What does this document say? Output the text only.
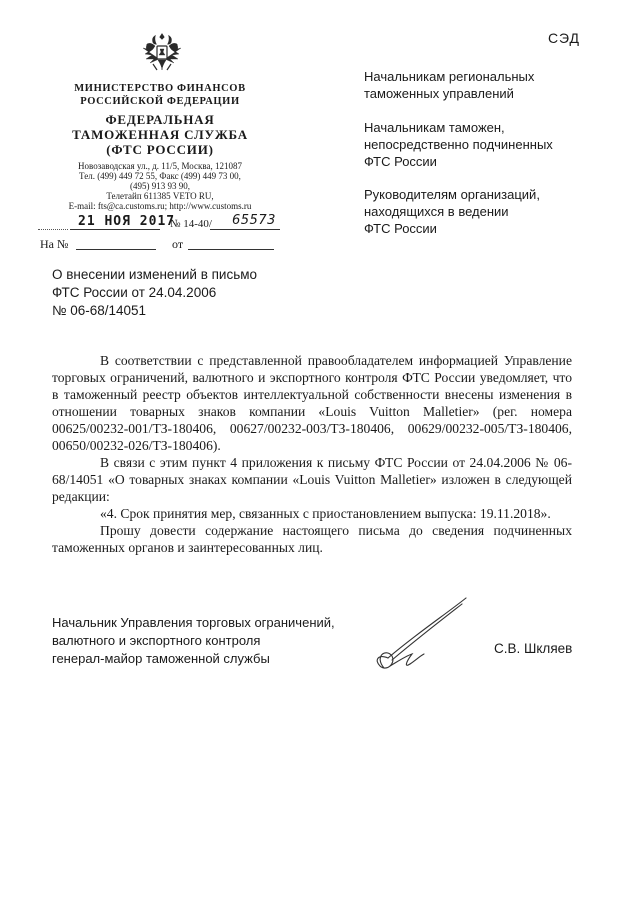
СЭД
МИНИСТЕРСТВО ФИНАНСОВ
РОССИЙСКОЙ ФЕДЕРАЦИИ
ФЕДЕРАЛЬНАЯ
ТАМОЖЕННАЯ СЛУЖБА
(ФТС РОССИИ)
Новозаводская ул., д. 11/5, Москва, 121087
Тел. (499) 449 72 55, Факс (499) 449 73 00,
(495) 913 93 90,
Телетайп 611385 VETO RU,
E-mail: fts@ca.customs.ru; http://www.customs.ru
21 НОЯ 2017
№ 14-40/ 65573
На №	от
Начальникам региональных
таможенных управлений
Начальникам таможен,
непосредственно подчиненных
ФТС России
Руководителям организаций,
находящихся в ведении
ФТС России
О внесении изменений в письмо
ФТС России от 24.04.2006
№ 06-68/14051

В соответствии с представленной правообладателем информацией Управление торговых ограничений, валютного и экспортного контроля ФТС России уведомляет, что в таможенный реестр объектов интеллектуальной собственности внесены изменения в отношении товарных знаков компании «Louis Vuitton Malletier» (рег. номера 00625/00232-001/ТЗ-180406, 00627/00232-003/ТЗ-180406, 00629/00232-005/ТЗ-180406, 00650/00232-026/ТЗ-180406).

В связи с этим пункт 4 приложения к письму ФТС России от 24.04.2006 № 06-68/14051 «О товарных знаках компании «Louis Vuitton Malletier» изложен в следующей редакции:

«4. Срок принятия мер, связанных с приостановлением выпуска: 19.11.2018».

Прошу довести содержание настоящего письма до сведения подчиненных таможенных органов и заинтересованных лиц.

Начальник Управления торговых ограничений,
валютного и экспортного контроля
генерал-майор таможенной службы
С.В. Шкляев
